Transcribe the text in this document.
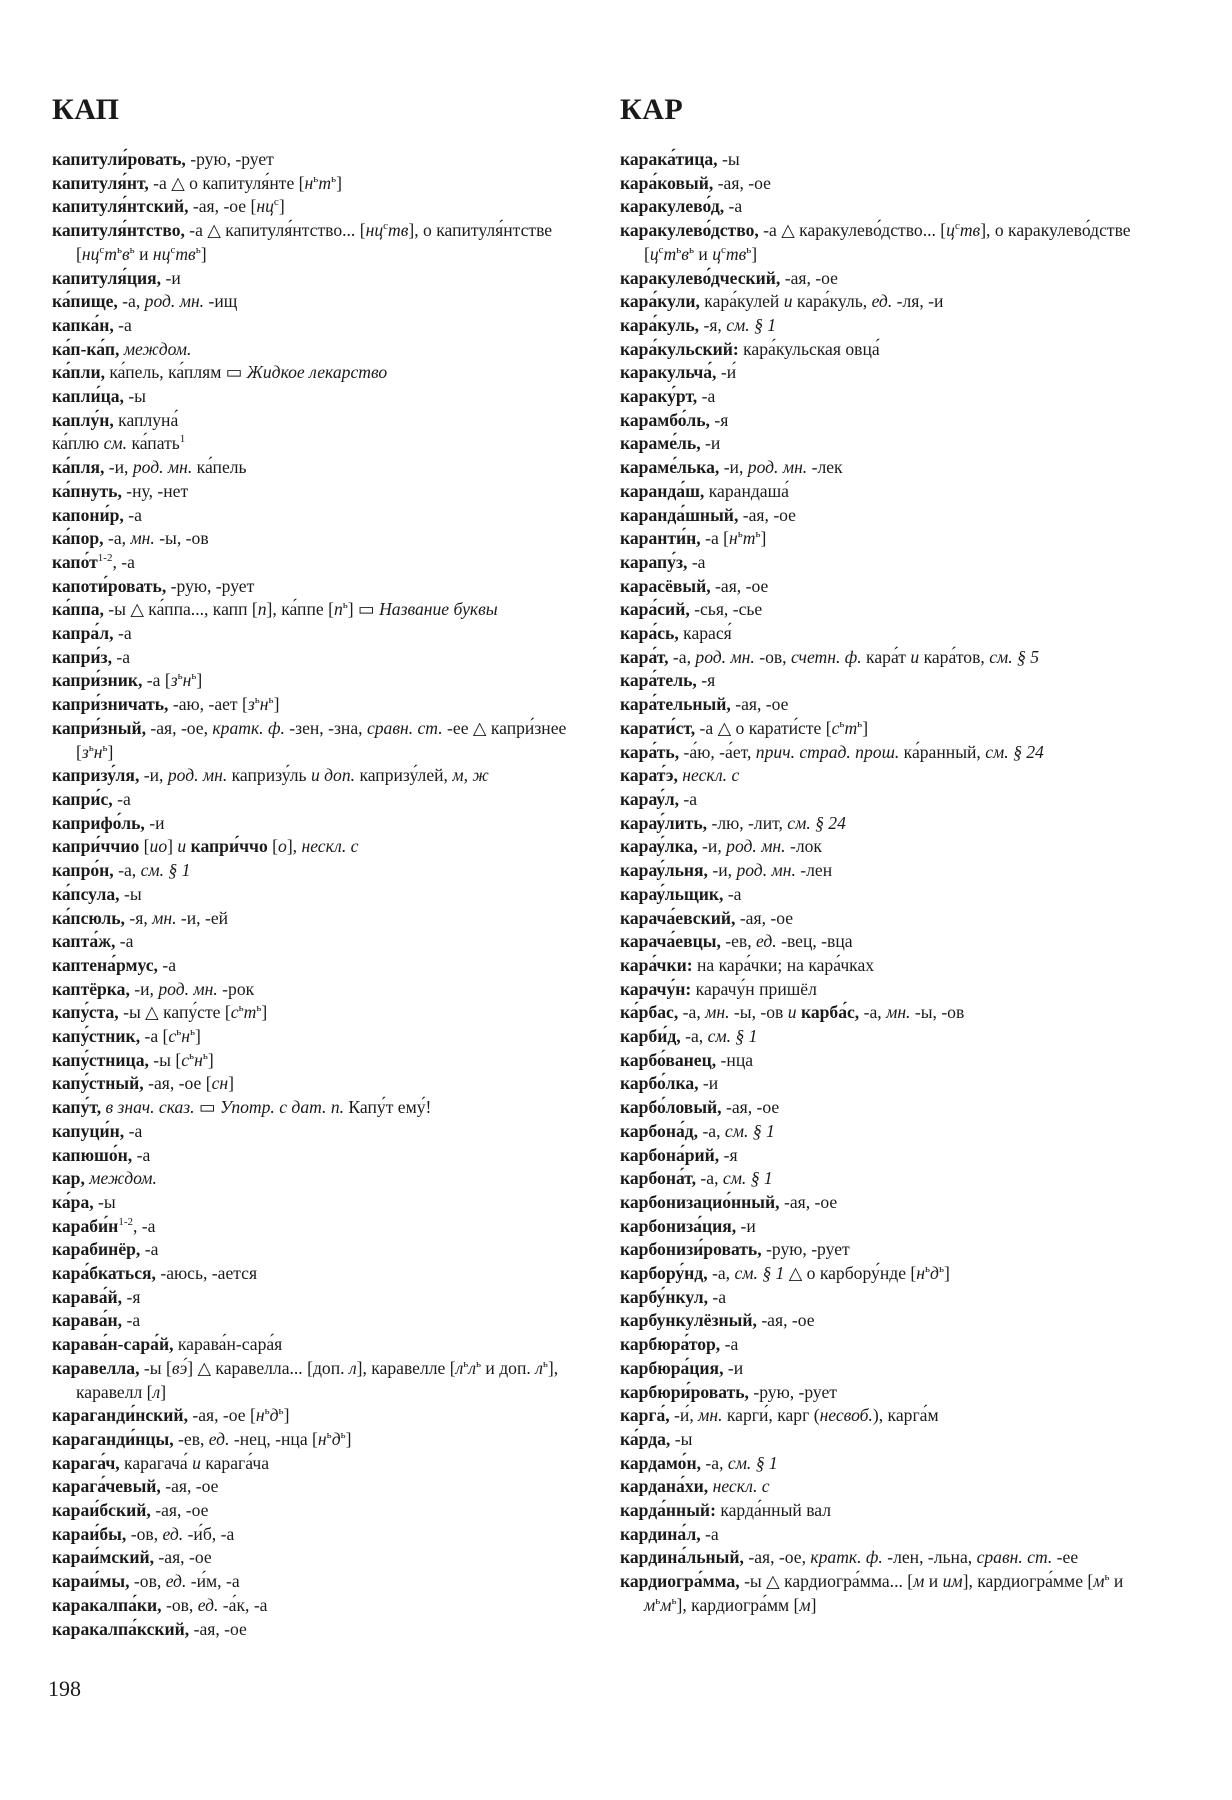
КАП
капитули́ровать, -рую, -рует
капитуля́нт, -а △ о капитуля́нте $[н^ьт^ь]$
капитуля́нтский, -ая, -ое $[нц^с]$
капитуля́нтство, -а △ капитуля́нтство... $[нц^ств]$, о капитуля́нтстве [$нц^ст^ьв^ь$ и $нц^ств^ь$]
капитуля́ция, -и
ка́пище, -а, род. мн. -ищ
капка́н, -а
ка́п-ка́п, междом.
ка́пли, ка́пель, ка́плям ▭ Жидкое лекарство
капли́ца, -ы
каплу́н, каплуна́
ка́плю см. ка́пать$^1$
ка́пля, -и, род. мн. ка́пель
ка́пнуть, -ну, -нет
капони́р, -а
ка́пор, -а, мн. -ы, -ов
$капо́т^{1-2}$, -а
капоти́ровать, -рую, -рует
ка́ппа, -ы △ ка́ппа..., капп [п], ка́ппе $[п^ь]$ ▭ Название буквы
капра́л, -а
капри́з, -а
капри́зник, -а $[з^ьн^ь]$
капри́зничать, -аю, -ает $[з^ьн^ь]$
капри́зный, -ая, -ое, кратк. ф. -зен, -зна, сравн. ст. -ее △ капри́знее $[з^ьн^ь]$
капризу́ля, -и, род. мн. капризу́ль и доп. капризу́лей, м, ж
капри́с, -а
каприфо́ль, -и
капри́ччио [ио] и капри́ччо [о], нескл. с
капро́н, -а, см. § 1
ка́псула, -ы
ка́псюль, -я, мн. -и, -ей
капта́ж, -а
каптена́рмус, -а
каптёрка, -и, род. мн. -рок
капу́ста, -ы △ капу́сте $[с^ьт^ь]$
капу́стник, -а $[с^ьн^ь]$
капу́стница, -ы $[с^ьн^ь]$
капу́стный, -ая, -ое [сн]
капу́т, в знач. сказ. ▭ Употр. с дат. п. Капу́т ему́!
капуци́н, -а
капюшо́н, -а
кар, междом.
ка́ра, -ы
$караби́н^{1-2}$, -а
карабинёр, -а
кара́бкаться, -аюсь, -ается
карава́й, -я
карава́н, -а
карава́н-сара́й, карава́н-сара́я
каравелла, -ы [вэ́] △ каравелла... [доп. л], каравелле [$л^ьл^ь$ и доп. $л^ь$], каравелл [л]
караганди́нский, -ая, -ое $[н^ьд^ь]$
караганди́нцы, -ев, ед. -нец, -нца $[н^ьд^ь]$
карага́ч, карагача́ и карага́ча
карага́чевый, -ая, -ое
караи́бский, -ая, -ое
караи́бы, -ов, ед. -и́б, -а
караи́мский, -ая, -ое
караи́мы, -ов, ед. -и́м, -а
каракалпа́ки, -ов, ед. -а́к, -а
каракалпа́кский, -ая, -ое
КАР
карака́тица, -ы
кара́ковый, -ая, -ое
каракулево́д, -а
каракулево́дство, -а △ каракулево́дство... $[ц^ств]$, о каракулево́дстве [$ц^ст^ьв^ь$ и $ц^ств^ь$]
каракулево́дческий, -ая, -ое
кара́кули, кара́кулей и кара́куль, ед. -ля, -и
кара́куль, -я, см. § 1
кара́кульский: кара́кульская овца́
каракульча́, -и́
караку́рт, -а
карамбо́ль, -я
караме́ль, -и
караме́лька, -и, род. мн. -лек
каранда́ш, карандаша́
каранда́шный, -ая, -ое
каранти́н, -а $[н^ьт^ь]$
карапу́з, -а
карасёвый, -ая, -ое
кара́сий, -сья, -сье
кара́сь, карася́
кара́т, -а, род. мн. -ов, счетн. ф. кара́т и кара́тов, см. § 5
кара́тель, -я
кара́тельный, -ая, -ое
карати́ст, -а △ о карати́сте $[с^ьт^ь]$
кара́ть, -а́ю, -а́ет, прич. страд. прош. ка́ранный, см. § 24
карат́э, нескл. с
карау́л, -а
карау́лить, -лю, -лит, см. § 24
карау́лка, -и, род. мн. -лок
карау́льня, -и, род. мн. -лен
карау́льщик, -а
карача́евский, -ая, -ое
карача́евцы, -ев, ед. -вец, -вца
кара́чки: на кара́чки; на кара́чках
карачу́н: карачу́н пришёл
ка́рбас, -а, мн. -ы, -ов и карба́с, -а, мн. -ы, -ов
карби́д, -а, см. § 1
карбо́ванец, -нца
карбо́лка, -и
карбо́ловый, -ая, -ое
карбона́д, -а, см. § 1
карбона́рий, -я
карбона́т, -а, см. § 1
карбонизацио́нный, -ая, -ое
карбониза́ция, -и
карбонизи́ровать, -рую, -рует
карбору́нд, -а, см. § 1 △ о карбору́нде $[н^ьд^ь]$
карбу́нкул, -а
карбункулёзный, -ая, -ое
карбюра́тор, -а
карбюра́ция, -и
карбюри́ровать, -рую, -рует
карга́, -и́, мн. карги́, карг (несвоб.), карга́м
ка́рда, -ы
кардамо́н, -а, см. § 1
кардана́хи, нескл. с
карда́нный: карда́нный вал
кардина́л, -а
кардина́льный, -ая, -ое, кратк. ф. -лен, -льна, сравн. ст. -ее
кардиогра́мма, -ы △ кардиогра́мма... [м и им], кардиогра́мме [$м^ь$ и $м^ьм^ь$], кардиогра́мм [м]
198
